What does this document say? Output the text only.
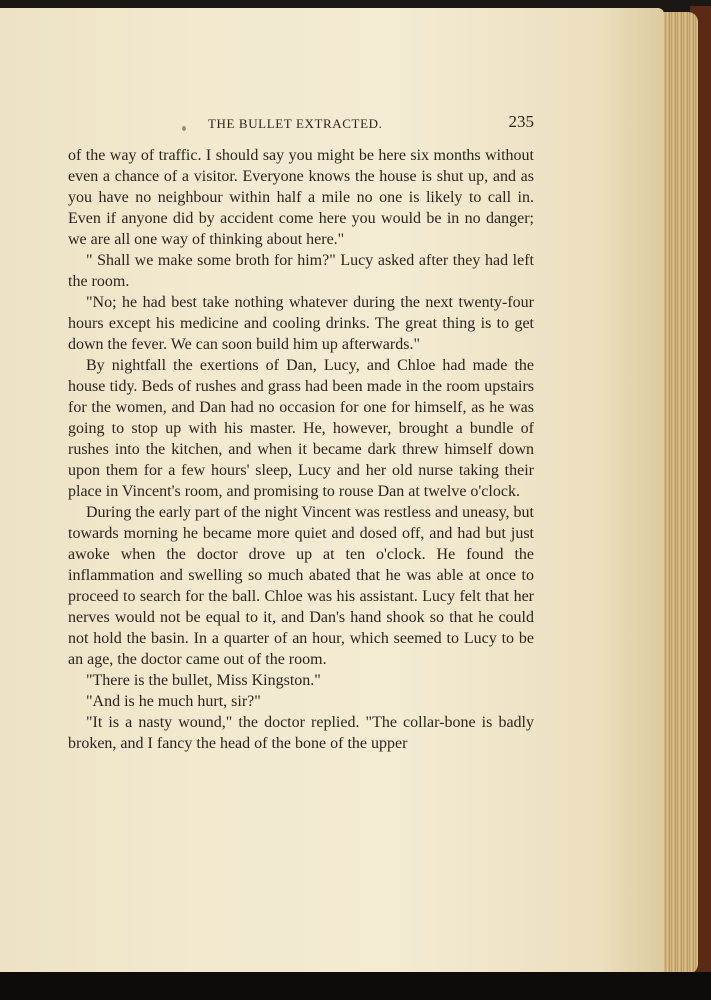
THE BULLET EXTRACTED.	235

of the way of traffic. I should say you might be here six months without even a chance of a visitor. Everyone knows the house is shut up, and as you have no neighbour within half a mile no one is likely to call in. Even if anyone did by accident come here you would be in no danger; we are all one way of thinking about here."

" Shall we make some broth for him?" Lucy asked after they had left the room.

"No; he had best take nothing whatever during the next twenty-four hours except his medicine and cooling drinks. The great thing is to get down the fever. We can soon build him up afterwards."

By nightfall the exertions of Dan, Lucy, and Chloe had made the house tidy. Beds of rushes and grass had been made in the room upstairs for the women, and Dan had no occasion for one for himself, as he was going to stop up with his master. He, however, brought a bundle of rushes into the kitchen, and when it became dark threw himself down upon them for a few hours' sleep, Lucy and her old nurse taking their place in Vincent's room, and promising to rouse Dan at twelve o'clock.

During the early part of the night Vincent was restless and uneasy, but towards morning he became more quiet and dosed off, and had but just awoke when the doctor drove up at ten o'clock. He found the inflammation and swelling so much abated that he was able at once to proceed to search for the ball. Chloe was his assistant. Lucy felt that her nerves would not be equal to it, and Dan's hand shook so that he could not hold the basin. In a quarter of an hour, which seemed to Lucy to be an age, the doctor came out of the room.

"There is the bullet, Miss Kingston."

"And is he much hurt, sir?"

"It is a nasty wound," the doctor replied. "The collar-bone is badly broken, and I fancy the head of the bone of the upper
